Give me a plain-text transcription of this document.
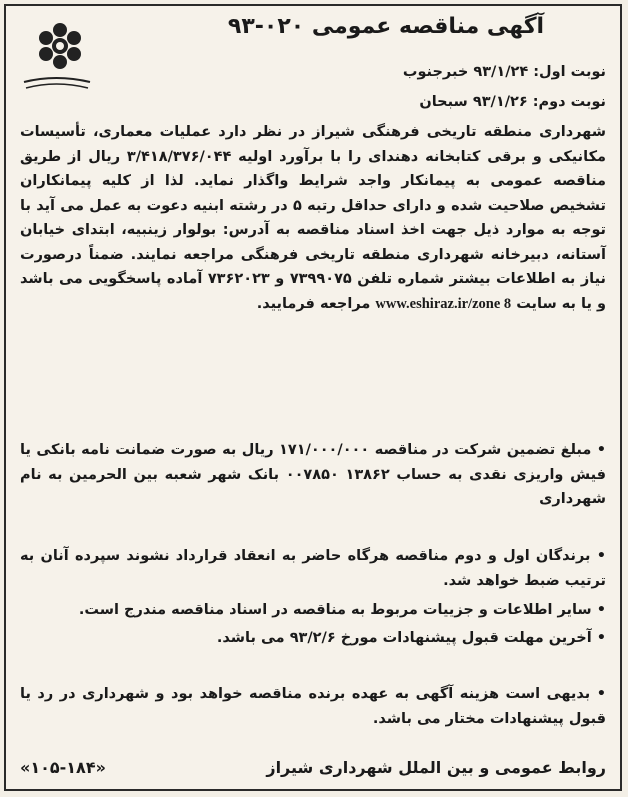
آگهی مناقصه عمومی ۰۲۰-۹۳
نوبت اول: ۹۳/۱/۲۴ خبرجنوب
نوبت دوم: ۹۳/۱/۲۶ سبحان
شهرداری منطقه تاریخی فرهنگی شیراز در نظر دارد عملیات معماری، تأسیسات مکانیکی و برقی کتابخانه دهندای را با برآورد اولیه ۳/۴۱۸/۳۷۶/۰۴۴ ریال از طریق مناقصه عمومی به پیمانکار واجد شرایط واگذار نماید. لذا از کلیه پیمانکاران تشخیص صلاحیت شده و دارای حداقل رتبه ۵ در رشته ابنیه دعوت به عمل می آید با توجه به موارد ذیل جهت اخذ اسناد مناقصه به آدرس: بولوار زینبیه، ابتدای خیابان آستانه، دبیرخانه شهرداری منطقه تاریخی فرهنگی مراجعه نمایند. ضمناً درصورت نیاز به اطلاعات بیشتر شماره تلفن ۷۳۹۹۰۷۵ و ۷۳۶۲۰۲۳ آماده پاسخگویی می باشد و یا به سایت www.eshiraz.ir/zone 8 مراجعه فرمایید.
• مبلغ تضمین شرکت در مناقصه ۱۷۱/۰۰۰/۰۰۰ ریال به صورت ضمانت نامه بانکی یا فیش واریزی نقدی به حساب ۱۳۸۶۲ ۰۰۷۸۵۰ بانک شهر شعبه بین الحرمین به نام شهرداری
• برندگان اول و دوم مناقصه هرگاه حاضر به انعقاد قرارداد نشوند سپرده آنان به ترتیب ضبط خواهد شد.
• سایر اطلاعات و جزییات مربوط به مناقصه در اسناد مناقصه مندرج است.
• آخرین مهلت قبول پیشنهادات مورخ ۹۳/۲/۶ می باشد.
• بدیهی است هزینه آگهی به عهده برنده مناقصه خواهد بود و شهرداری در رد یا قبول پیشنهادات مختار می باشد.
روابط عمومی و بین الملل شهرداری شیراز
«۱۰۵-۱۸۴»
